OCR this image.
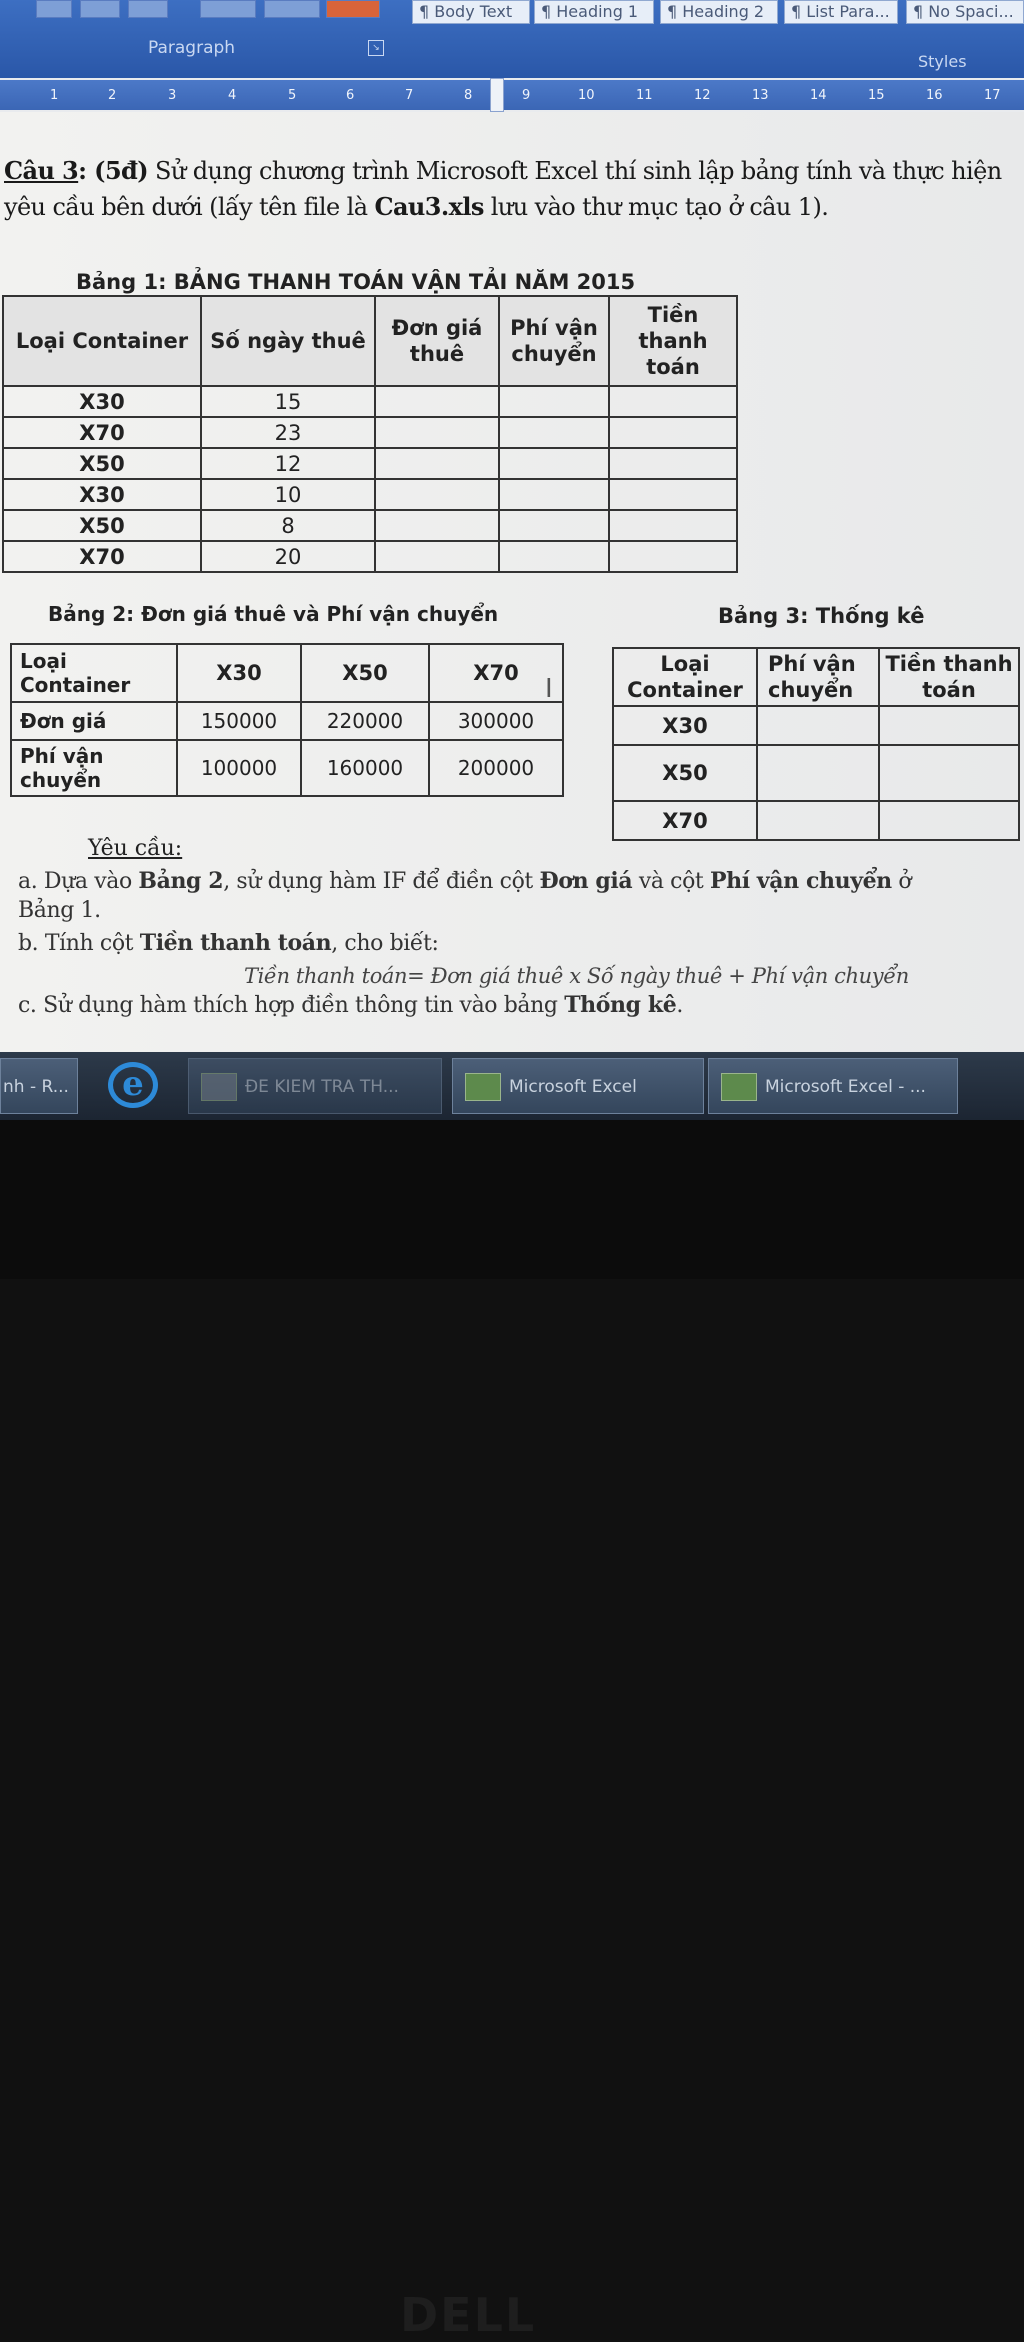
¶ Body Text	¶ Heading 1	¶ Heading 2	¶ List Para...	¶ No Spaci...
Paragraph	↘
Styles
1	2	3	4	5	6	7	8	9	10	11	12	13	14	15	16	17
Câu 3: (5đ) Sử dụng chương trình Microsoft Excel thí sinh lập bảng tính và thực hiện
yêu cầu bên dưới (lấy tên file là Cau3.xls lưu vào thư mục tạo ở câu 1).
Bảng 1: BẢNG THANH TOÁN VẬN TẢI NĂM 2015
Loại Container	Số ngày thuê	Đơn giá thuê	Phí vận chuyển	Tiền thanh toán
X30	15			
X70	23			
X50	12			
X30	10			
X50	8			
X70	20			
Bảng 2: Đơn giá thuê và Phí vận chuyển	Bảng 3: Thống kê
Loại Container	X30	X50	X70
Đơn giá	150000	220000	300000
Phí vận chuyển	100000	160000	200000
I
Loại Container	Phí vận chuyển	Tiền thanh toán
X30		
X50		
X70		
Yêu cầu:
a. Dựa vào Bảng 2, sử dụng hàm IF để điền cột Đơn giá và cột Phí vận chuyển ở
Bảng 1.
b. Tính cột Tiền thanh toán, cho biết:
Tiền thanh toán= Đơn giá thuê x Số ngày thuê + Phí vận chuyển
c. Sử dụng hàm thích hợp điền thông tin vào bảng Thống kê.
nh - R...	ĐE KIEM TRA TH...	Microsoft Excel	Microsoft Excel - ...
e
DELL
